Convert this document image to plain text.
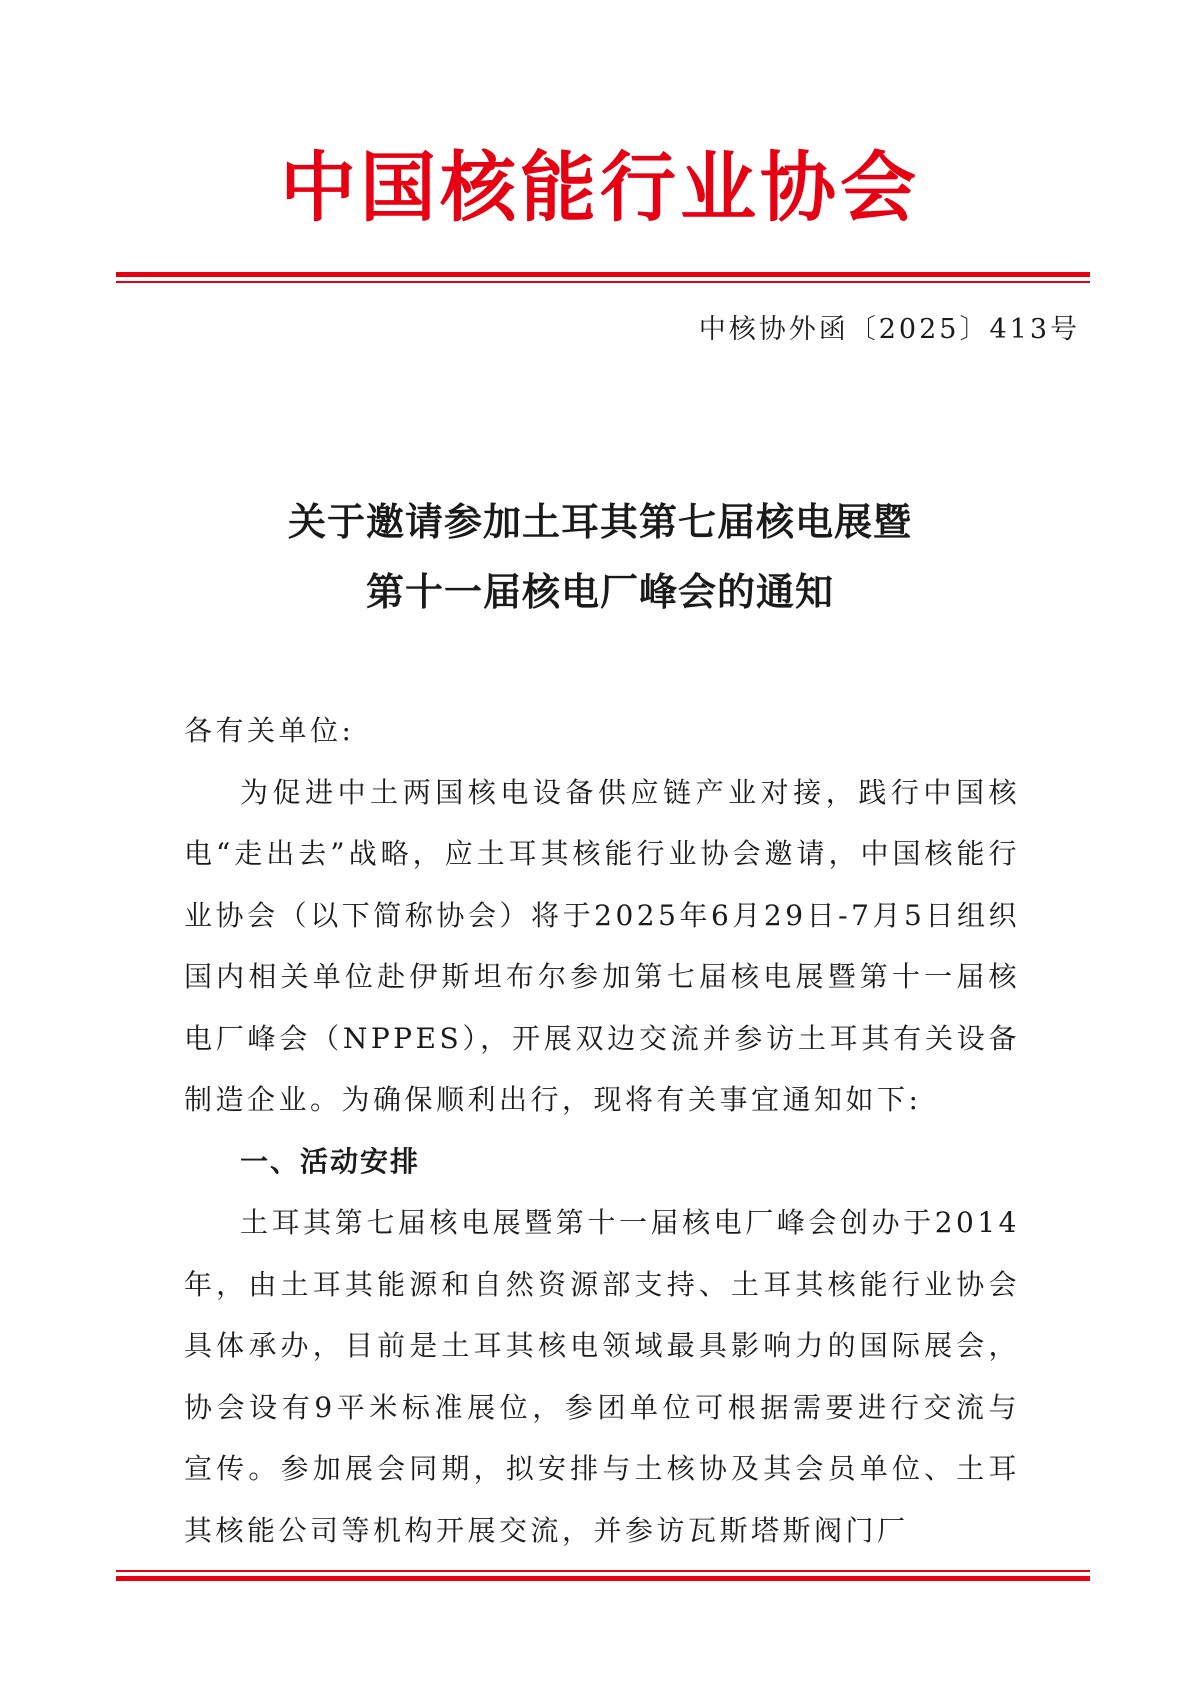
中国核能行业协会
中核协外函〔2025〕413号
关于邀请参加土耳其第七届核电展暨
第十一届核电厂峰会的通知

各有关单位:

为促进中土两国核电设备供应链产业对接，践行中国核电“走出去”战略，应土耳其核能行业协会邀请，中国核能行业协会（以下简称协会）将于2025年6月29日-7月5日组织国内相关单位赴伊斯坦布尔参加第七届核电展暨第十一届核电厂峰会（NPPES），开展双边交流并参访土耳其有关设备制造企业。为确保顺利出行，现将有关事宜通知如下:

一、活动安排

土耳其第七届核电展暨第十一届核电厂峰会创办于2014年，由土耳其能源和自然资源部支持、土耳其核能行业协会具体承办，目前是土耳其核电领域最具影响力的国际展会，协会设有9平米标准展位，参团单位可根据需要进行交流与宣传。参加展会同期，拟安排与土核协及其会员单位、土耳其核能公司等机构开展交流，并参访瓦斯塔斯阀门厂
